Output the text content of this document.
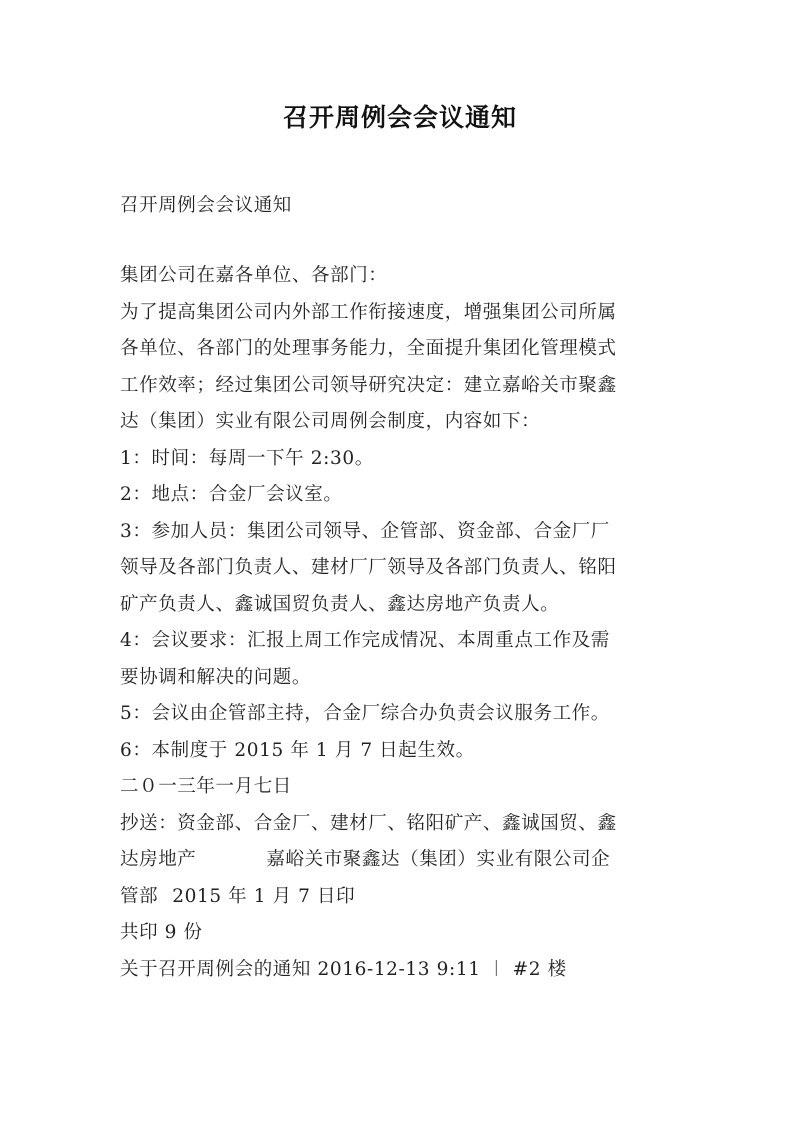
召开周例会会议通知
召开周例会会议通知
集团公司在嘉各单位、各部门：
为了提高集团公司内外部工作衔接速度，增强集团公司所属
各单位、各部门的处理事务能力，全面提升集团化管理模式
工作效率；经过集团公司领导研究决定：建立嘉峪关市聚鑫
达（集团）实业有限公司周例会制度，内容如下：
1：时间：每周一下午 2:30。
2：地点：合金厂会议室。
3：参加人员：集团公司领导、企管部、资金部、合金厂厂
领导及各部门负责人、建材厂厂领导及各部门负责人、铭阳
矿产负责人、鑫诚国贸负责人、鑫达房地产负责人。
4：会议要求：汇报上周工作完成情况、本周重点工作及需
要协调和解决的问题。
5：会议由企管部主持，合金厂综合办负责会议服务工作。
6：本制度于 2015 年 1 月 7 日起生效。
二０一三年一月七日
抄送：资金部、合金厂、建材厂、铭阳矿产、鑫诚国贸、鑫
达房地产	嘉峪关市聚鑫达（集团）实业有限公司企
管部 2015 年 1 月 7 日印
共印 9 份
关于召开周例会的通知 2016-12-13 9:11 ︱ #2 楼
